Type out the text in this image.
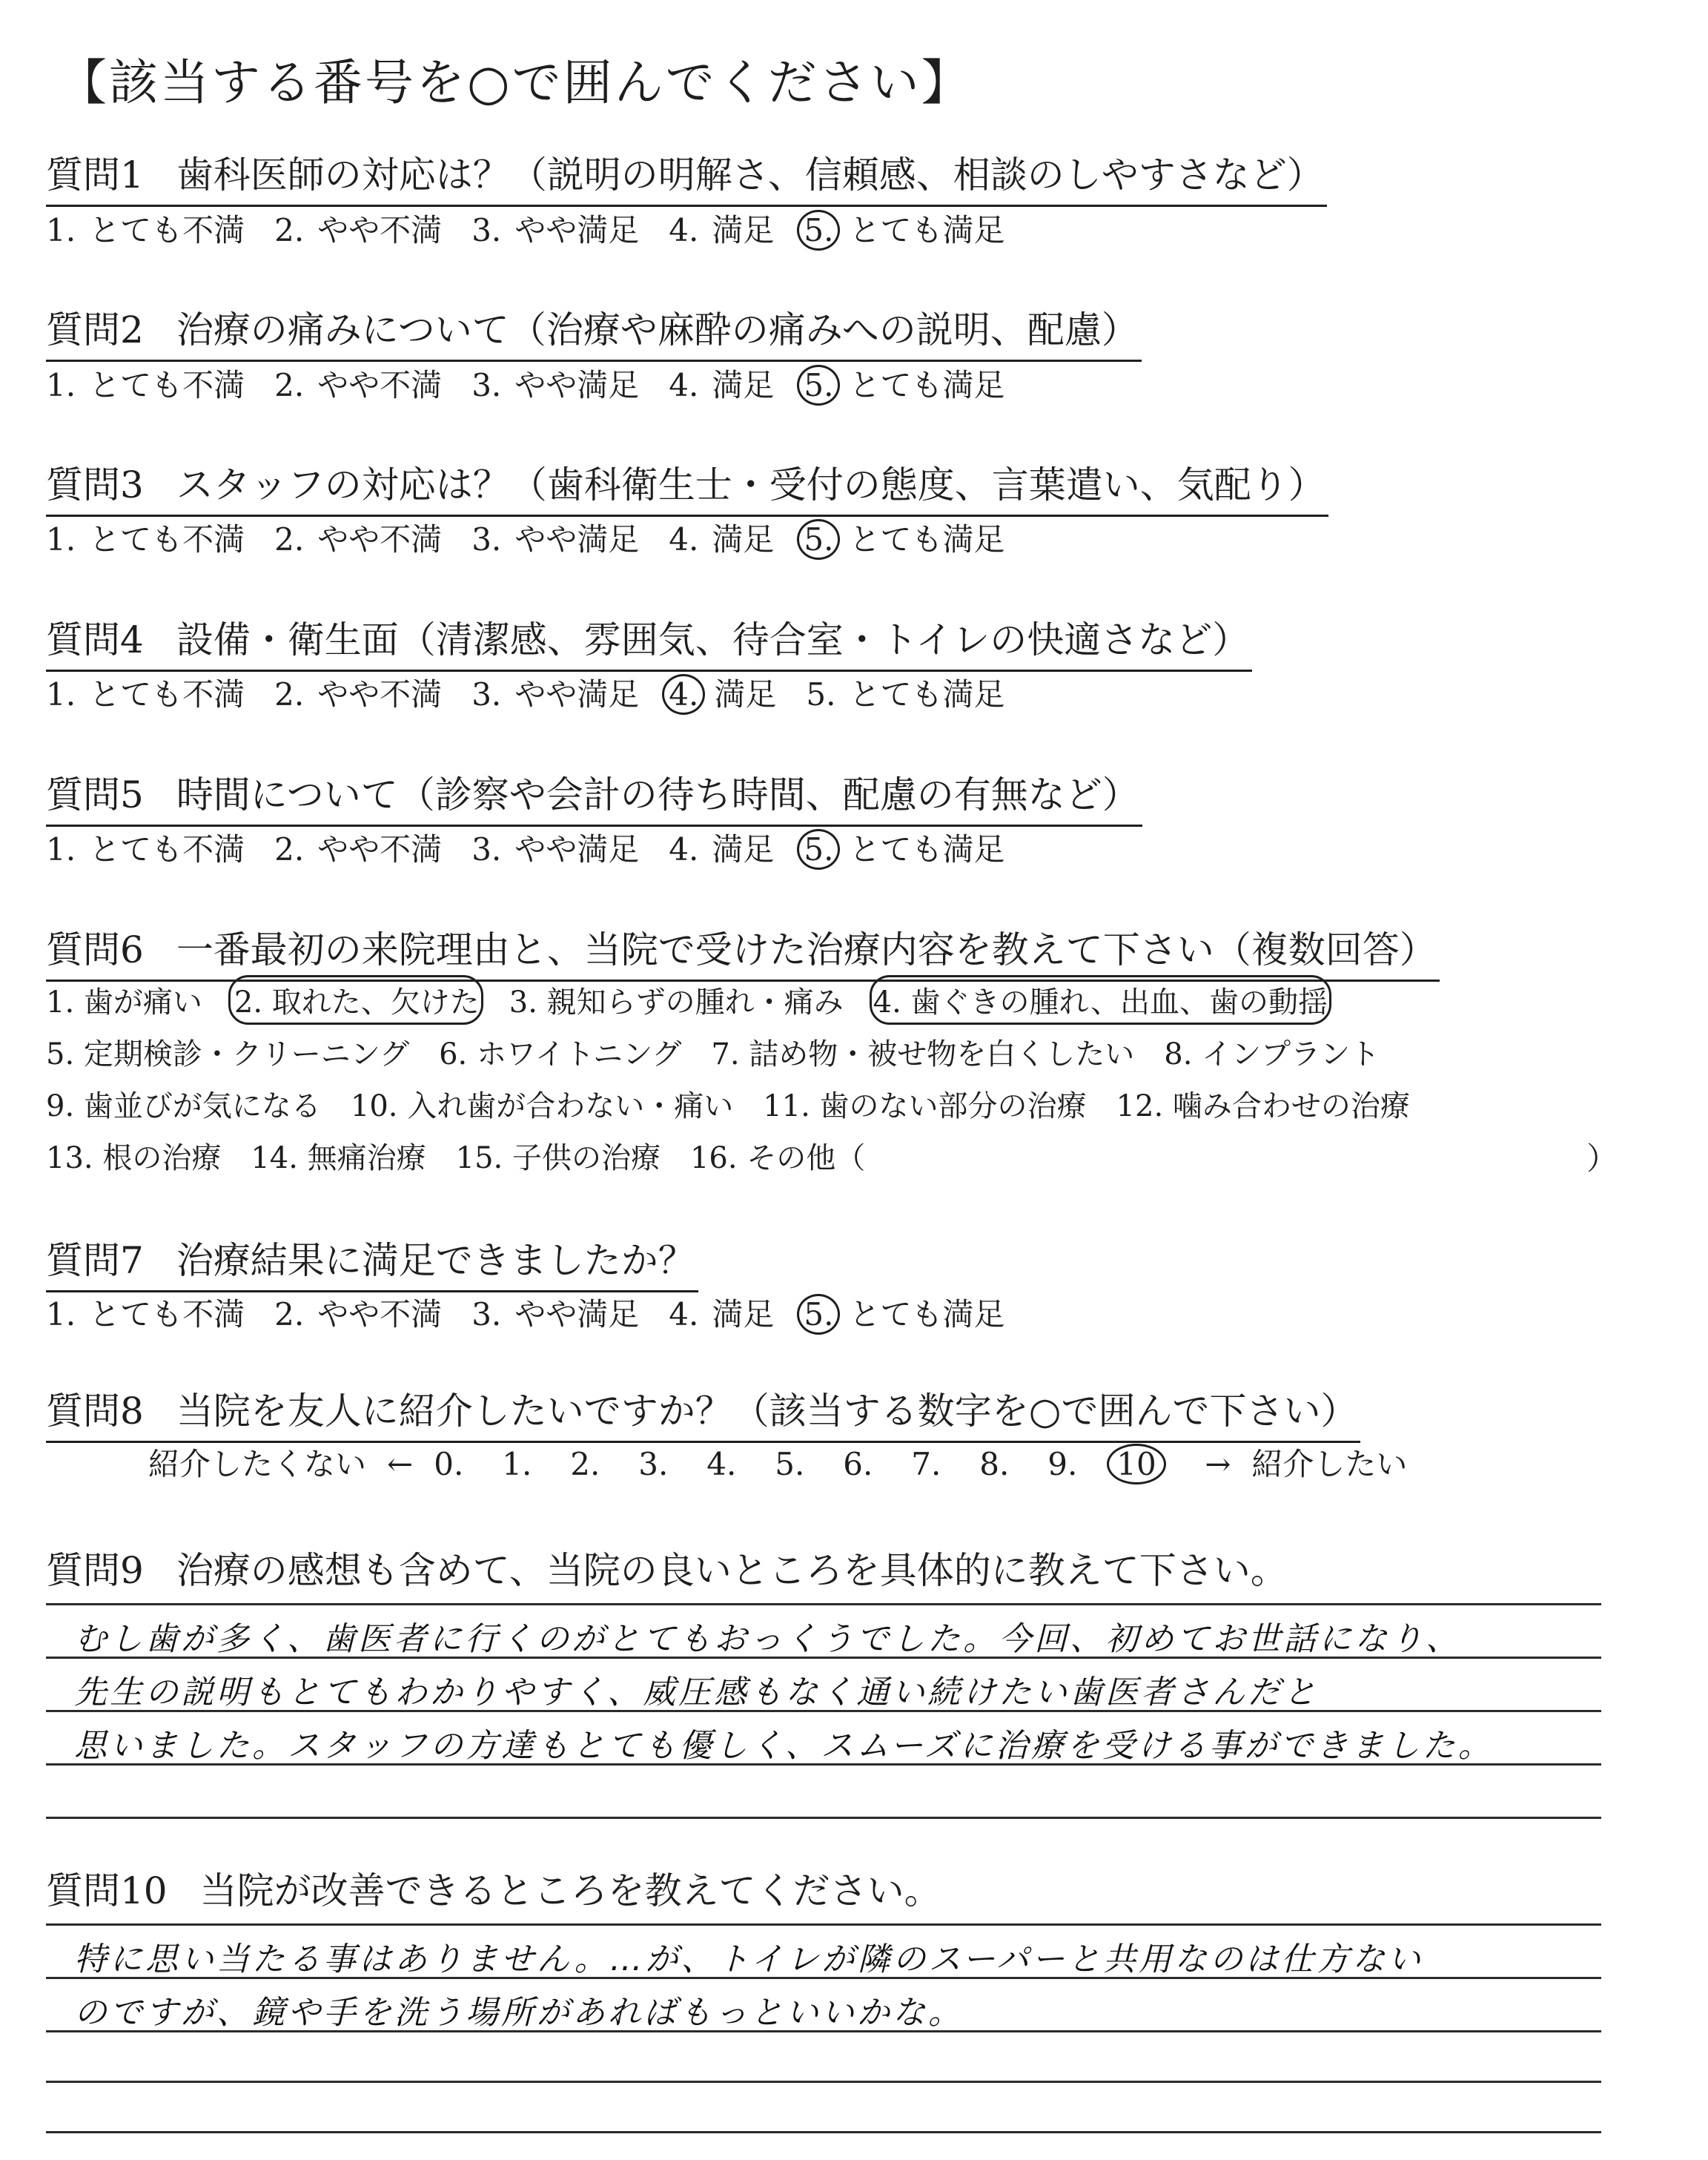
【該当する番号を○で囲んでください】
質問1 歯科医師の対応は？（説明の明解さ、信頼感、相談のしやすさなど）
1. とても不満 2. やや不満 3. やや満足 4. 満足 5. とても満足
質問2 治療の痛みについて（治療や麻酔の痛みへの説明、配慮）
1. とても不満 2. やや不満 3. やや満足 4. 満足 5. とても満足
質問3 スタッフの対応は？（歯科衛生士・受付の態度、言葉遣い、気配り）
1. とても不満 2. やや不満 3. やや満足 4. 満足 5. とても満足
質問4 設備・衛生面（清潔感、雰囲気、待合室・トイレの快適さなど）
1. とても不満 2. やや不満 3. やや満足 4. 満足 5. とても満足
質問5 時間について（診察や会計の待ち時間、配慮の有無など）
1. とても不満 2. やや不満 3. やや満足 4. 満足 5. とても満足
質問6 一番最初の来院理由と、当院で受けた治療内容を教えて下さい（複数回答）
1. 歯が痛い 2. 取れた、欠けた 3. 親知らずの腫れ・痛み 4. 歯ぐきの腫れ、出血、歯の動揺
5. 定期検診・クリーニング 6. ホワイトニング 7. 詰め物・被せ物を白くしたい 8. インプラント
9. 歯並びが気になる 10. 入れ歯が合わない・痛い 11. 歯のない部分の治療 12. 噛み合わせの治療
13. 根の治療 14. 無痛治療 15. 子供の治療 16. その他（	）
質問7 治療結果に満足できましたか？
1. とても不満 2. やや不満 3. やや満足 4. 満足 5. とても満足
質問8 当院を友人に紹介したいですか？（該当する数字を○で囲んで下さい）
紹介したくない ← 0. 1. 2. 3. 4. 5. 6. 7. 8. 9. 10 → 紹介したい
質問9 治療の感想も含めて、当院の良いところを具体的に教えて下さい。
むし歯が多く、歯医者に行くのがとてもおっくうでした。今回、初めてお世話になり、
先生の説明もとてもわかりやすく、威圧感もなく通い続けたい歯医者さんだと
思いました。スタッフの方達もとても優しく、スムーズに治療を受ける事ができました。
質問10 当院が改善できるところを教えてください。
特に思い当たる事はありません。…が、トイレが隣のスーパーと共用なのは仕方ない
のですが、鏡や手を洗う場所があればもっといいかな。
